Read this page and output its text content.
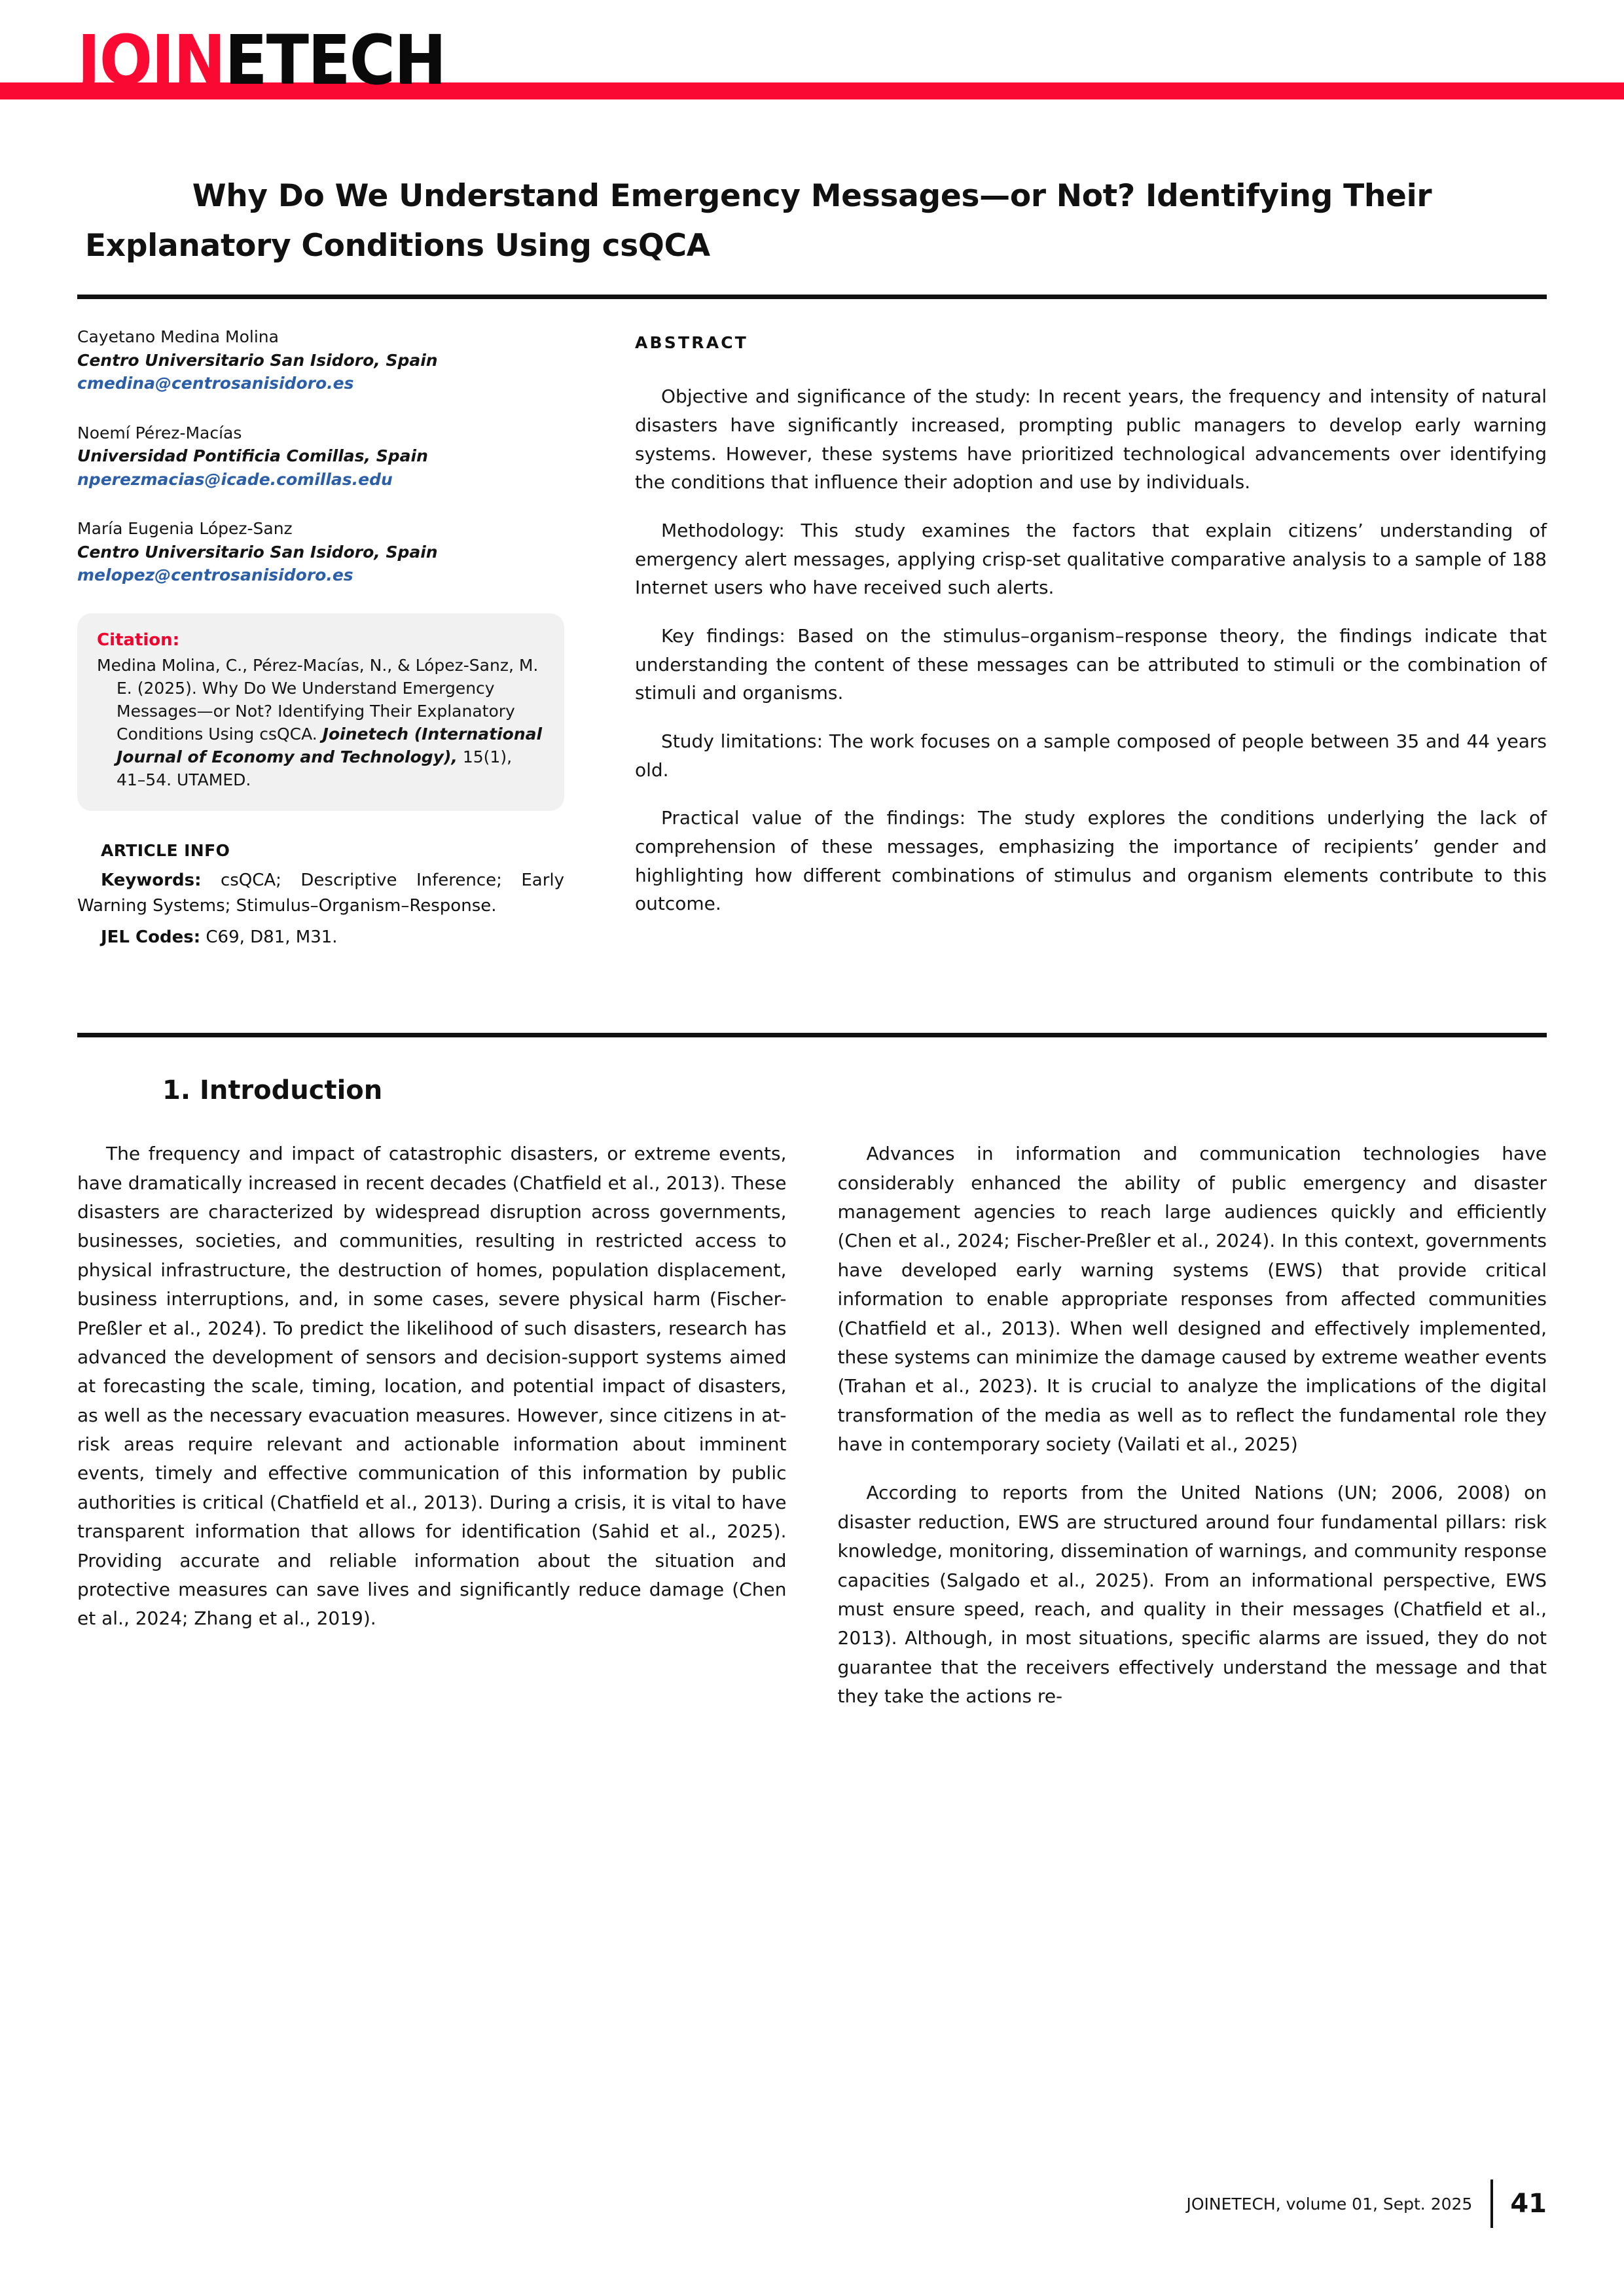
JOINETECH
Why Do We Understand Emergency Messages—or Not? Identifying Their
Explanatory Conditions Using csQCA
Cayetano Medina Molina
Centro Universitario San Isidoro, Spain
cmedina@centrosanisidoro.es
Noemí Pérez-Macías
Universidad Pontificia Comillas, Spain
nperezmacias@icade.comillas.edu
María Eugenia López-Sanz
Centro Universitario San Isidoro, Spain
melopez@centrosanisidoro.es
Citation:
Medina Molina, C., Pérez-Macías, N., & López-Sanz, M. E. (2025). Why Do We Understand Emergency Messages—or Not? Identifying Their Explanatory Conditions Using csQCA. Joinetech (International Journal of Economy and Technology), 15(1), 41–54. UTAMED.
ARTICLE INFO
Keywords: csQCA; Descriptive Inference; Early Warning Systems; Stimulus–Organism–Response.
JEL Codes: C69, D81, M31.
ABSTRACT

Objective and significance of the study: In recent years, the frequency and intensity of natural disasters have significantly increased, prompting public managers to develop early warning systems. However, these systems have prioritized technological advancements over identifying the conditions that influence their adoption and use by individuals.

Methodology: This study examines the factors that explain citizens’ understanding of emergency alert messages, applying crisp-set qualitative comparative analysis to a sample of 188 Internet users who have received such alerts.

Key findings: Based on the stimulus–organism–response theory, the findings indicate that understanding the content of these messages can be attributed to stimuli or the combination of stimuli and organisms.

Study limitations: The work focuses on a sample composed of people between 35 and 44 years old.

Practical value of the findings: The study explores the conditions underlying the lack of comprehension of these messages, emphasizing the importance of recipients’ gender and highlighting how different combinations of stimulus and organism elements contribute to this outcome.

1. Introduction

The frequency and impact of catastrophic disasters, or extreme events, have dramatically increased in recent decades (Chatfield et al., 2013). These disasters are characterized by widespread disruption across governments, businesses, societies, and communities, resulting in restricted access to physical infrastructure, the destruction of homes, population displacement, business interruptions, and, in some cases, severe physical harm (Fischer-Preßler et al., 2024). To predict the likelihood of such disasters, research has advanced the development of sensors and decision-support systems aimed at forecasting the scale, timing, location, and potential impact of disasters, as well as the necessary evacuation measures. However, since citizens in at-risk areas require relevant and actionable information about imminent events, timely and effective communication of this information by public authorities is critical (Chatfield et al., 2013). During a crisis, it is vital to have transparent information that allows for identification (Sahid et al., 2025). Providing accurate and reliable information about the situation and protective measures can save lives and significantly reduce damage (Chen et al., 2024; Zhang et al., 2019).

Advances in information and communication technologies have considerably enhanced the ability of public emergency and disaster management agencies to reach large audiences quickly and efficiently (Chen et al., 2024; Fischer-Preßler et al., 2024). In this context, governments have developed early warning systems (EWS) that provide critical information to enable appropriate responses from affected communities (Chatfield et al., 2013). When well designed and effectively implemented, these systems can minimize the damage caused by extreme weather events (Trahan et al., 2023). It is crucial to analyze the implications of the digital transformation of the media as well as to reflect the fundamental role they have in contemporary society (Vailati et al., 2025)

According to reports from the United Nations (UN; 2006, 2008) on disaster reduction, EWS are structured around four fundamental pillars: risk knowledge, monitoring, dissemination of warnings, and community response capacities (Salgado et al., 2025). From an informational perspective, EWS must ensure speed, reach, and quality in their messages (Chatfield et al., 2013). Although, in most situations, specific alarms are issued, they do not guarantee that the receivers effectively understand the message and that they take the actions re-

JOINETECH, volume 01, Sept. 2025	41
